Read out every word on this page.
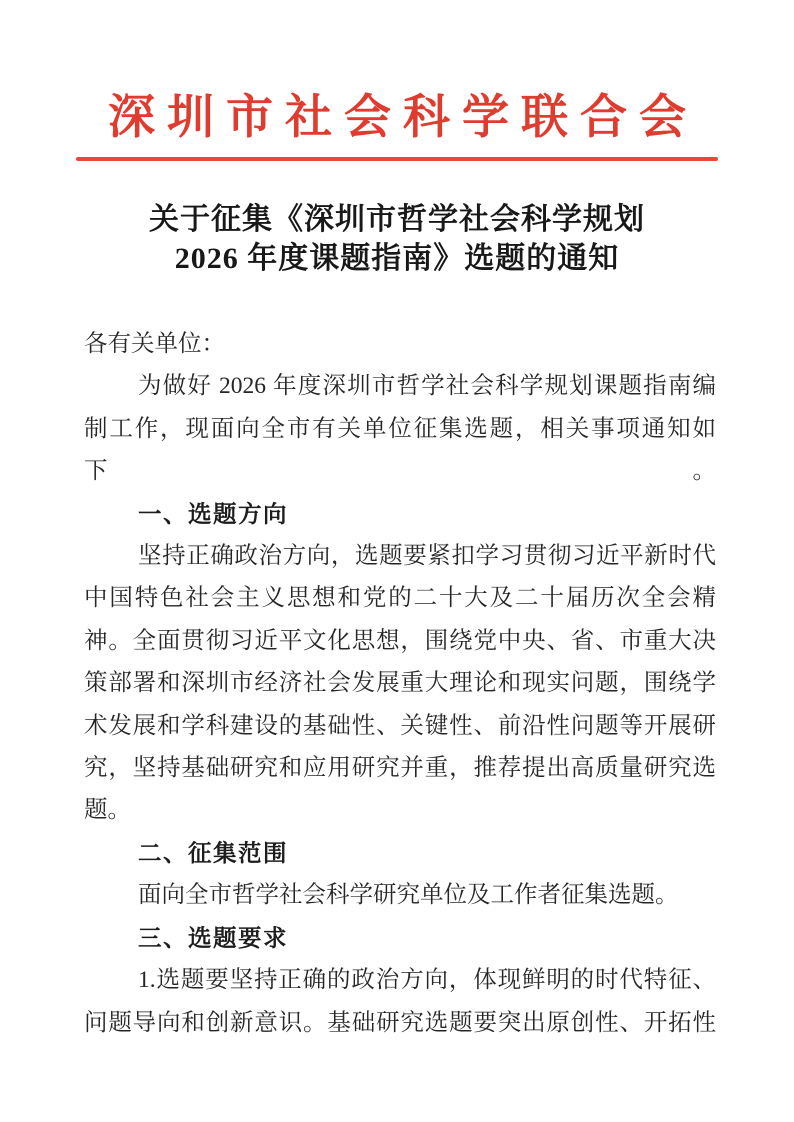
深圳市社会科学联合会
关于征集《深圳市哲学社会科学规划
2026 年度课题指南》选题的通知
各有关单位：
为做好 2026 年度深圳市哲学社会科学规划课题指南编
制工作，现面向全市有关单位征集选题，相关事项通知如下。
一、选题方向
坚持正确政治方向，选题要紧扣学习贯彻习近平新时代
中国特色社会主义思想和党的二十大及二十届历次全会精
神。全面贯彻习近平文化思想，围绕党中央、省、市重大决
策部署和深圳市经济社会发展重大理论和现实问题，围绕学
术发展和学科建设的基础性、关键性、前沿性问题等开展研
究，坚持基础研究和应用研究并重，推荐提出高质量研究选
题。
二、征集范围
面向全市哲学社会科学研究单位及工作者征集选题。
三、选题要求
1.选题要坚持正确的政治方向，体现鲜明的时代特征、
问题导向和创新意识。基础研究选题要突出原创性、开拓性
